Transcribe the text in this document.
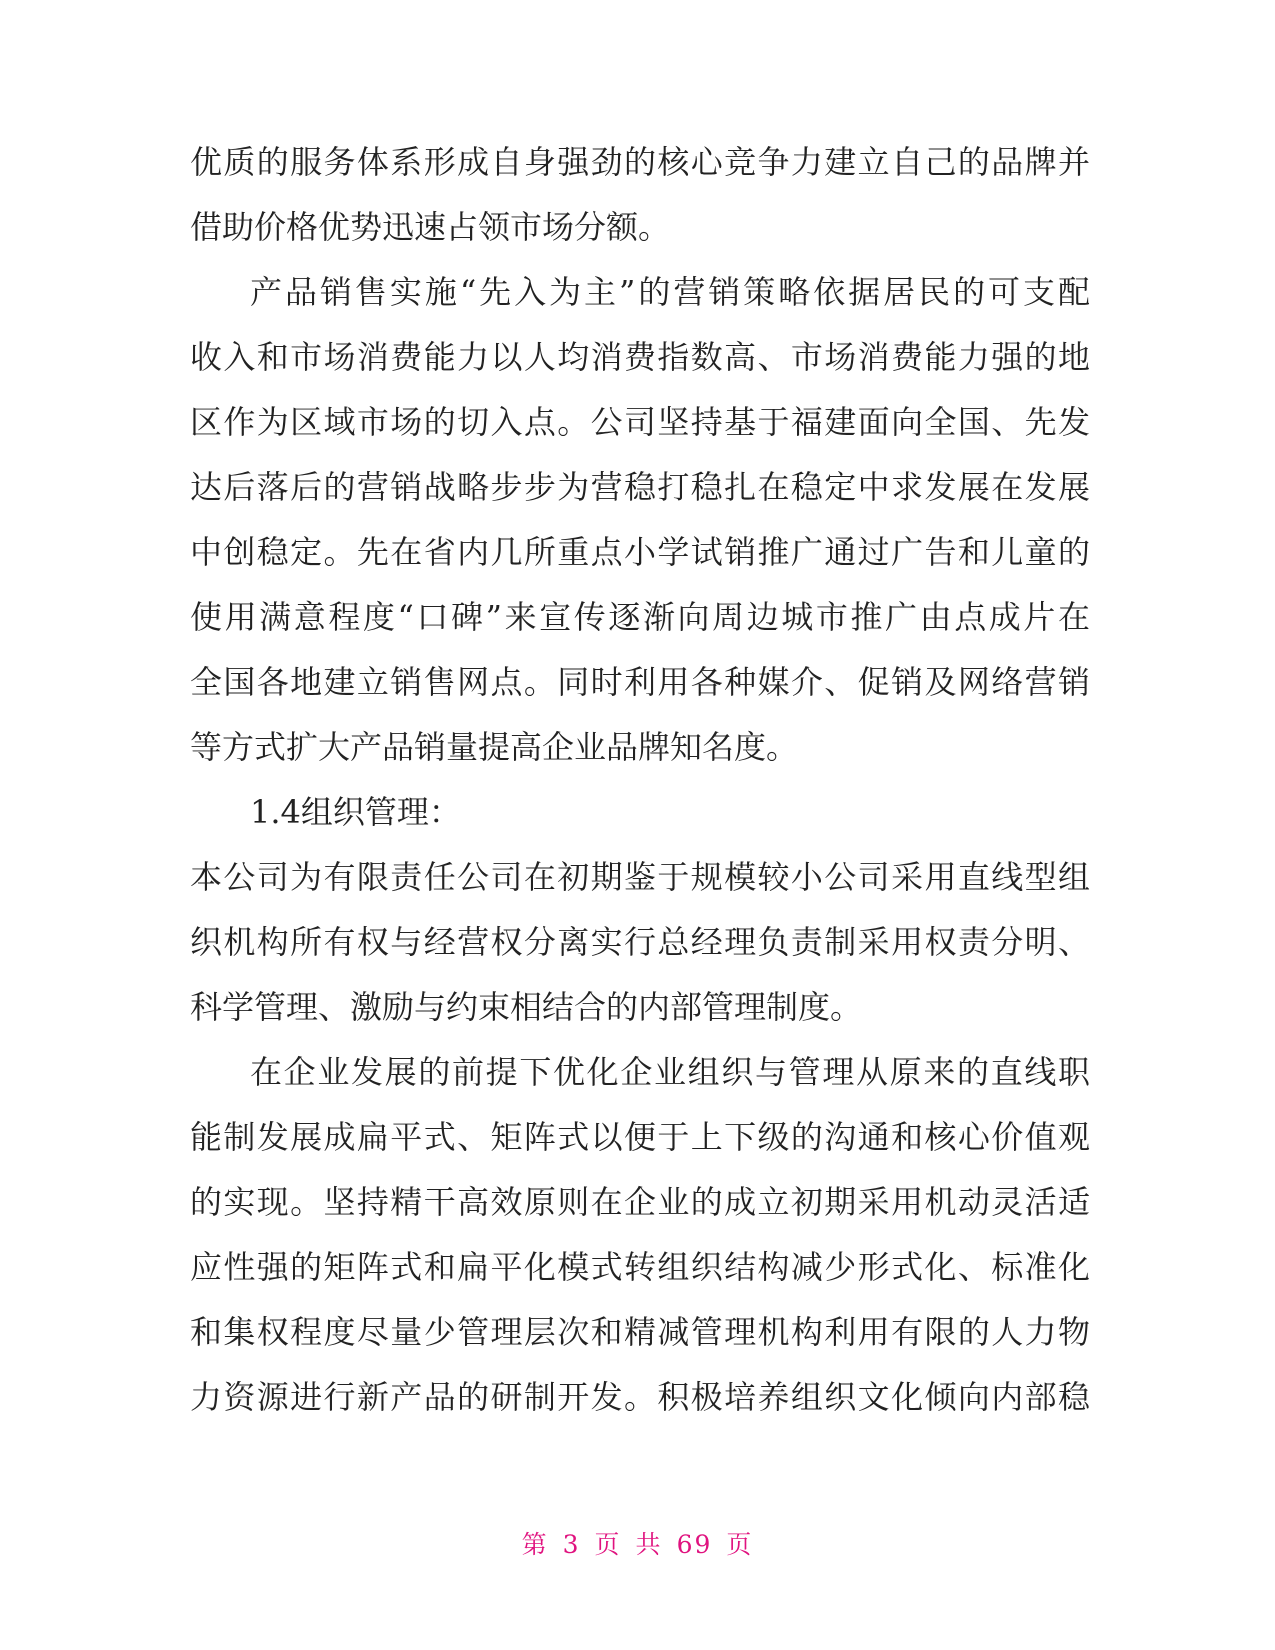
优质的服务体系形成自身强劲的核心竞争力建立自己的品牌并
借助价格优势迅速占领市场分额。
产品销售实施“先入为主”的营销策略依据居民的可支配
收入和市场消费能力以人均消费指数高、市场消费能力强的地
区作为区域市场的切入点。公司坚持基于福建面向全国、先发
达后落后的营销战略步步为营稳打稳扎在稳定中求发展在发展
中创稳定。先在省内几所重点小学试销推广通过广告和儿童的
使用满意程度“口碑”来宣传逐渐向周边城市推广由点成片在
全国各地建立销售网点。同时利用各种媒介、促销及网络营销
等方式扩大产品销量提高企业品牌知名度。
1.4组织管理：
本公司为有限责任公司在初期鉴于规模较小公司采用直线型组
织机构所有权与经营权分离实行总经理负责制采用权责分明、
科学管理、激励与约束相结合的内部管理制度。
在企业发展的前提下优化企业组织与管理从原来的直线职
能制发展成扁平式、矩阵式以便于上下级的沟通和核心价值观
的实现。坚持精干高效原则在企业的成立初期采用机动灵活适
应性强的矩阵式和扁平化模式转组织结构减少形式化、标准化
和集权程度尽量少管理层次和精减管理机构利用有限的人力物
力资源进行新产品的研制开发。积极培养组织文化倾向内部稳
第 3 页 共 69 页
